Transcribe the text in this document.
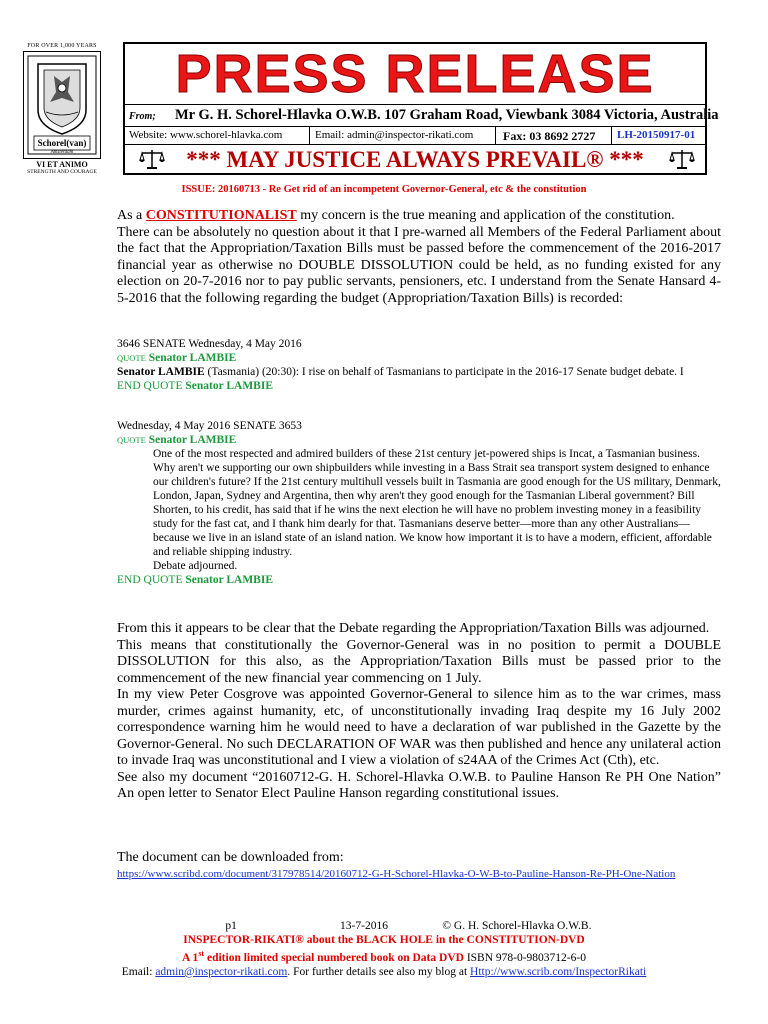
FOR OVER 1,000 YEARS
Schorel(van)
Amsterdam
VI ET ANIMO
STRENGTH AND COURAGE
PRESS RELEASE
From; Mr G. H. Schorel-Hlavka O.W.B. 107 Graham Road, Viewbank 3084 Victoria, Australia
Website: www.schorel-hlavka.com	Email: admin@inspector-rikati.com Fax: 03 8692 2727 LH-20150917-01
*** MAY JUSTICE ALWAYS PREVAIL® ***
ISSUE: 20160713 - Re Get rid of an incompetent Governor-General, etc & the constitution
As a CONSTITUTIONALIST my concern is the true meaning and application of the constitution.
There can be absolutely no question about it that I pre-warned all Members of the Federal Parliament about the fact that the Appropriation/Taxation Bills must be passed before the commencement of the 2016-2017 financial year as otherwise no DOUBLE DISSOLUTION could be held, as no funding existed for any election on 20-7-2016 nor to pay public servants, pensioners, etc. I understand from the Senate Hansard 4-5-2016 that the following regarding the budget (Appropriation/Taxation Bills) is recorded:
3646 SENATE Wednesday, 4 May 2016
QUOTE Senator LAMBIE
Senator LAMBIE (Tasmania) (20:30): I rise on behalf of Tasmanians to participate in the 2016-17 Senate budget debate. I
END QUOTE Senator LAMBIE
Wednesday, 4 May 2016 SENATE 3653
QUOTE Senator LAMBIE
One of the most respected and admired builders of these 21st century jet-powered ships is Incat, a Tasmanian business. Why aren't we supporting our own shipbuilders while investing in a Bass Strait sea transport system designed to enhance our children's future? If the 21st century multihull vessels built in Tasmania are good enough for the US military, Denmark, London, Japan, Sydney and Argentina, then why aren't they good enough for the Tasmanian Liberal government? Bill Shorten, to his credit, has said that if he wins the next election he will have no problem investing money in a feasibility study for the fast cat, and I thank him dearly for that. Tasmanians deserve better—more than any other Australians—because we live in an island state of an island nation. We know how important it is to have a modern, efficient, affordable and reliable shipping industry.
Debate adjourned.
END QUOTE Senator LAMBIE
From this it appears to be clear that the Debate regarding the Appropriation/Taxation Bills was adjourned.
This means that constitutionally the Governor-General was in no position to permit a DOUBLE DISSOLUTION for this also, as the Appropriation/Taxation Bills must be passed prior to the commencement of the new financial year commencing on 1 July.
In my view Peter Cosgrove was appointed Governor-General to silence him as to the war crimes, mass murder, crimes against humanity, etc, of unconstitutionally invading Iraq despite my 16 July 2002 correspondence warning him he would need to have a declaration of war published in the Gazette by the Governor-General. No such DECLARATION OF WAR was then published and hence any unilateral action to invade Iraq was unconstitutional and I view a violation of s24AA of the Crimes Act (Cth), etc.
See also my document “20160712-G. H. Schorel-Hlavka O.W.B. to Pauline Hanson Re PH One Nation” An open letter to Senator Elect Pauline Hanson regarding constitutional issues.
The document can be downloaded from:
https://www.scribd.com/document/317978514/20160712-G-H-Schorel-Hlavka-O-W-B-to-Pauline-Hanson-Re-PH-One-Nation
p1	13-7-2016	© G. H. Schorel-Hlavka O.W.B.
INSPECTOR-RIKATI® about the BLACK HOLE in the CONSTITUTION-DVD
A 1st edition limited special numbered book on Data DVD ISBN 978-0-9803712-6-0
Email: admin@inspector-rikati.com. For further details see also my blog at Http://www.scrib.com/InspectorRikati
